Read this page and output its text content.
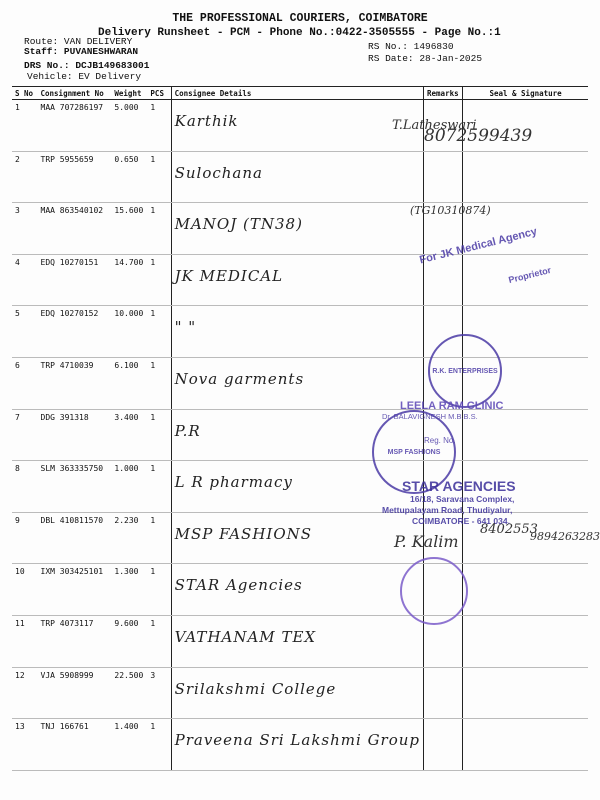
THE PROFESSIONAL COURIERS, COIMBATORE
Delivery Runsheet - PCM - Phone No.:0422-3505555 - Page No.:1
Route: VAN DELIVERY
Staff: PUVANESHWARAN
DRS No.: DCJB149683001
Vehicle: EV Delivery
RS No.: 1496830
RS Date: 28-Jan-2025
S No	Consignment No	Weight	PCS	Consignee Details	Remarks	Seal & Signature
1	MAA 707286197	5.000	1	Karthik		
2	TRP 5955659	0.650	1	Sulochana		
3	MAA 863540102	15.600	1	MANOJ (TN38)		
4	EDQ 10270151	14.700	1	JK MEDICAL		
5	EDQ 10270152	10.000	1	" "		
6	TRP 4710039	6.100	1	Nova garments		
7	DDG 391318	3.400	1	P.R		
8	SLM 363335750	1.000	1	L R pharmacy		
9	DBL 410811570	2.230	1	MSP FASHIONS		
10	IXM 303425101	1.300	1	STAR Agencies		
11	TRP 4073117	9.600	1	VATHANAM TEX		
12	VJA 5908999	22.500	3	Srilakshmi College		
13	TNJ 166761	1.400	1	Praveena Sri Lakshmi Group		
T.Latheswari
8072599439
(TG10310874)
For JK Medical Agency
Proprietor
R.K. ENTERPRISES
LEELA RAM CLINIC
Dr. BALAVIGNESH M.B.B.S.
MSP FASHIONS
Reg. No.
STAR AGENCIES
16/18, Saravana Complex,
Mettupalayam Road, Thudiyalur,
COIMBATORE - 641 034.
P. Kalim
8402553
9894263283
